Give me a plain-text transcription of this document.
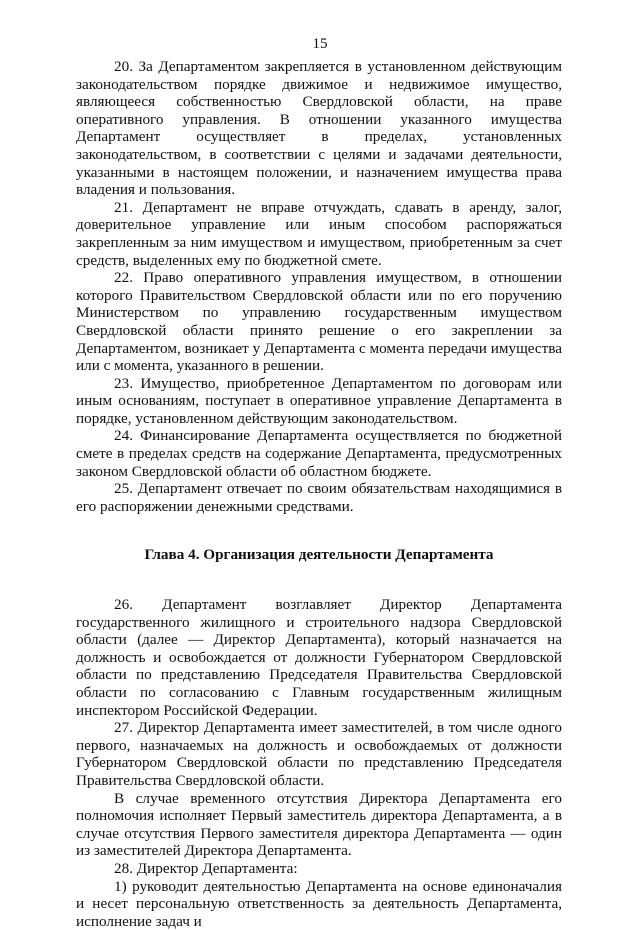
15

20. За Департаментом закрепляется в установленном действующим законодательством порядке движимое и недвижимое имущество, являющееся собственностью Свердловской области, на праве оперативного управления. В отношении указанного имущества Департамент осуществляет в пределах, установленных законодательством, в соответствии с целями и задачами деятельности, указанными в настоящем положении, и назначением имущества права владения и пользования.

21. Департамент не вправе отчуждать, сдавать в аренду, залог, доверительное управление или иным способом распоряжаться закрепленным за ним имуществом и имуществом, приобретенным за счет средств, выделенных ему по бюджетной смете.

22. Право оперативного управления имуществом, в отношении которого Правительством Свердловской области или по его поручению Министерством по управлению государственным имуществом Свердловской области принято решение о его закреплении за Департаментом, возникает у Департамента с момента передачи имущества или с момента, указанного в решении.

23. Имущество, приобретенное Департаментом по договорам или иным основаниям, поступает в оперативное управление Департамента в порядке, установленном действующим законодательством.

24. Финансирование Департамента осуществляется по бюджетной смете в пределах средств на содержание Департамента, предусмотренных законом Свердловской области об областном бюджете.

25. Департамент отвечает по своим обязательствам находящимися в его распоряжении денежными средствами.

Глава 4. Организация деятельности Департамента

26. Департамент возглавляет Директор Департамента государственного жилищного и строительного надзора Свердловской области (далее — Директор Департамента), который назначается на должность и освобождается от должности Губернатором Свердловской области по представлению Председателя Правительства Свердловской области по согласованию с Главным государственным жилищным инспектором Российской Федерации.

27. Директор Департамента имеет заместителей, в том числе одного первого, назначаемых на должность и освобождаемых от должности Губернатором Свердловской области по представлению Председателя Правительства Свердловской области.

В случае временного отсутствия Директора Департамента его полномочия исполняет Первый заместитель директора Департамента, а в случае отсутствия Первого заместителя директора Департамента — один из заместителей Директора Департамента.

28. Директор Департамента:

1) руководит деятельностью Департамента на основе единоначалия и несет персональную ответственность за деятельность Департамента, исполнение задач и
